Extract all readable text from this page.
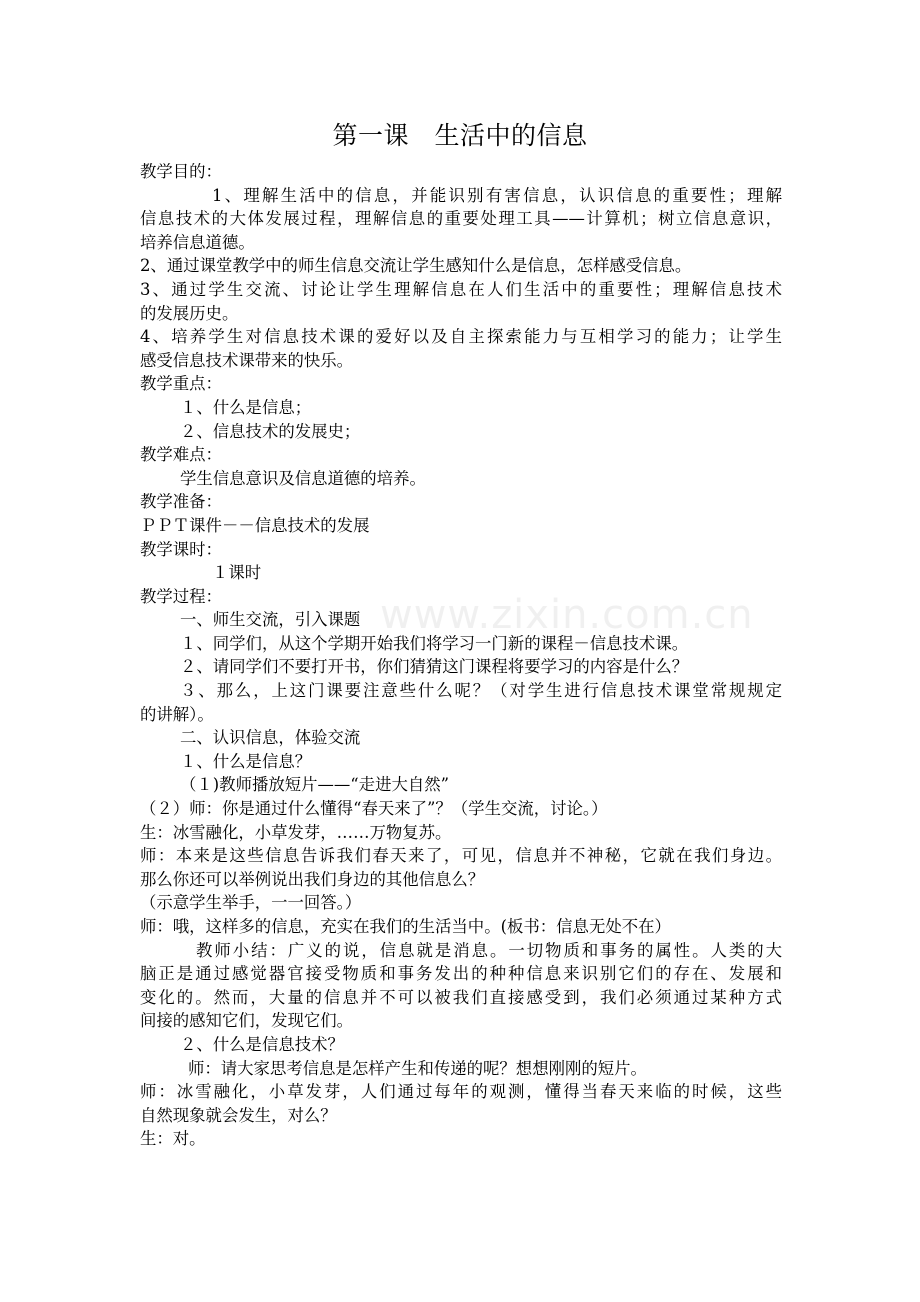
第一课　生活中的信息
www.zixin.com.cn

教学目的：

1、理解生活中的信息，并能识别有害信息，认识信息的重要性；理解

信息技术的大体发展过程，理解信息的重要处理工具——计算机；树立信息意识，

培养信息道德。

2、通过课堂教学中的师生信息交流让学生感知什么是信息，怎样感受信息。

3、通过学生交流、讨论让学生理解信息在人们生活中的重要性；理解信息技术

的发展历史。

4、培养学生对信息技术课的爱好以及自主探索能力与互相学习的能力；让学生

感受信息技术课带来的快乐。

教学重点：

１、什么是信息；

２、信息技术的发展史；

教学难点：

学生信息意识及信息道德的培养。

教学准备：

ＰＰＴ课件－－信息技术的发展

教学课时：

１课时

教学过程：

一、师生交流，引入课题

１、同学们，从这个学期开始我们将学习一门新的课程－信息技术课。

２、请同学们不要打开书，你们猜猜这门课程将要学习的内容是什么？

３、那么，上这门课要注意些什么呢？（对学生进行信息技术课堂常规规定

的讲解）。

二、认识信息，体验交流

１、什么是信息？

（１)教师播放短片——“走进大自然”

（２）师：你是通过什么懂得“春天来了”？（学生交流，讨论。）

生：冰雪融化，小草发芽，……万物复苏。

师：本来是这些信息告诉我们春天来了，可见，信息并不神秘，它就在我们身边。

那么你还可以举例说出我们身边的其他信息么？

（示意学生举手，一一回答。）

师：哦，这样多的信息，充实在我们的生活当中。(板书：信息无处不在）

教师小结：广义的说，信息就是消息。一切物质和事务的属性。人类的大

脑正是通过感觉器官接受物质和事务发出的种种信息来识别它们的存在、发展和

变化的。然而，大量的信息并不可以被我们直接感受到，我们必须通过某种方式

间接的感知它们，发现它们。

２、什么是信息技术？

师：请大家思考信息是怎样产生和传递的呢？想想刚刚的短片。

师：冰雪融化，小草发芽，人们通过每年的观测，懂得当春天来临的时候，这些

自然现象就会发生，对么？

生：对。
